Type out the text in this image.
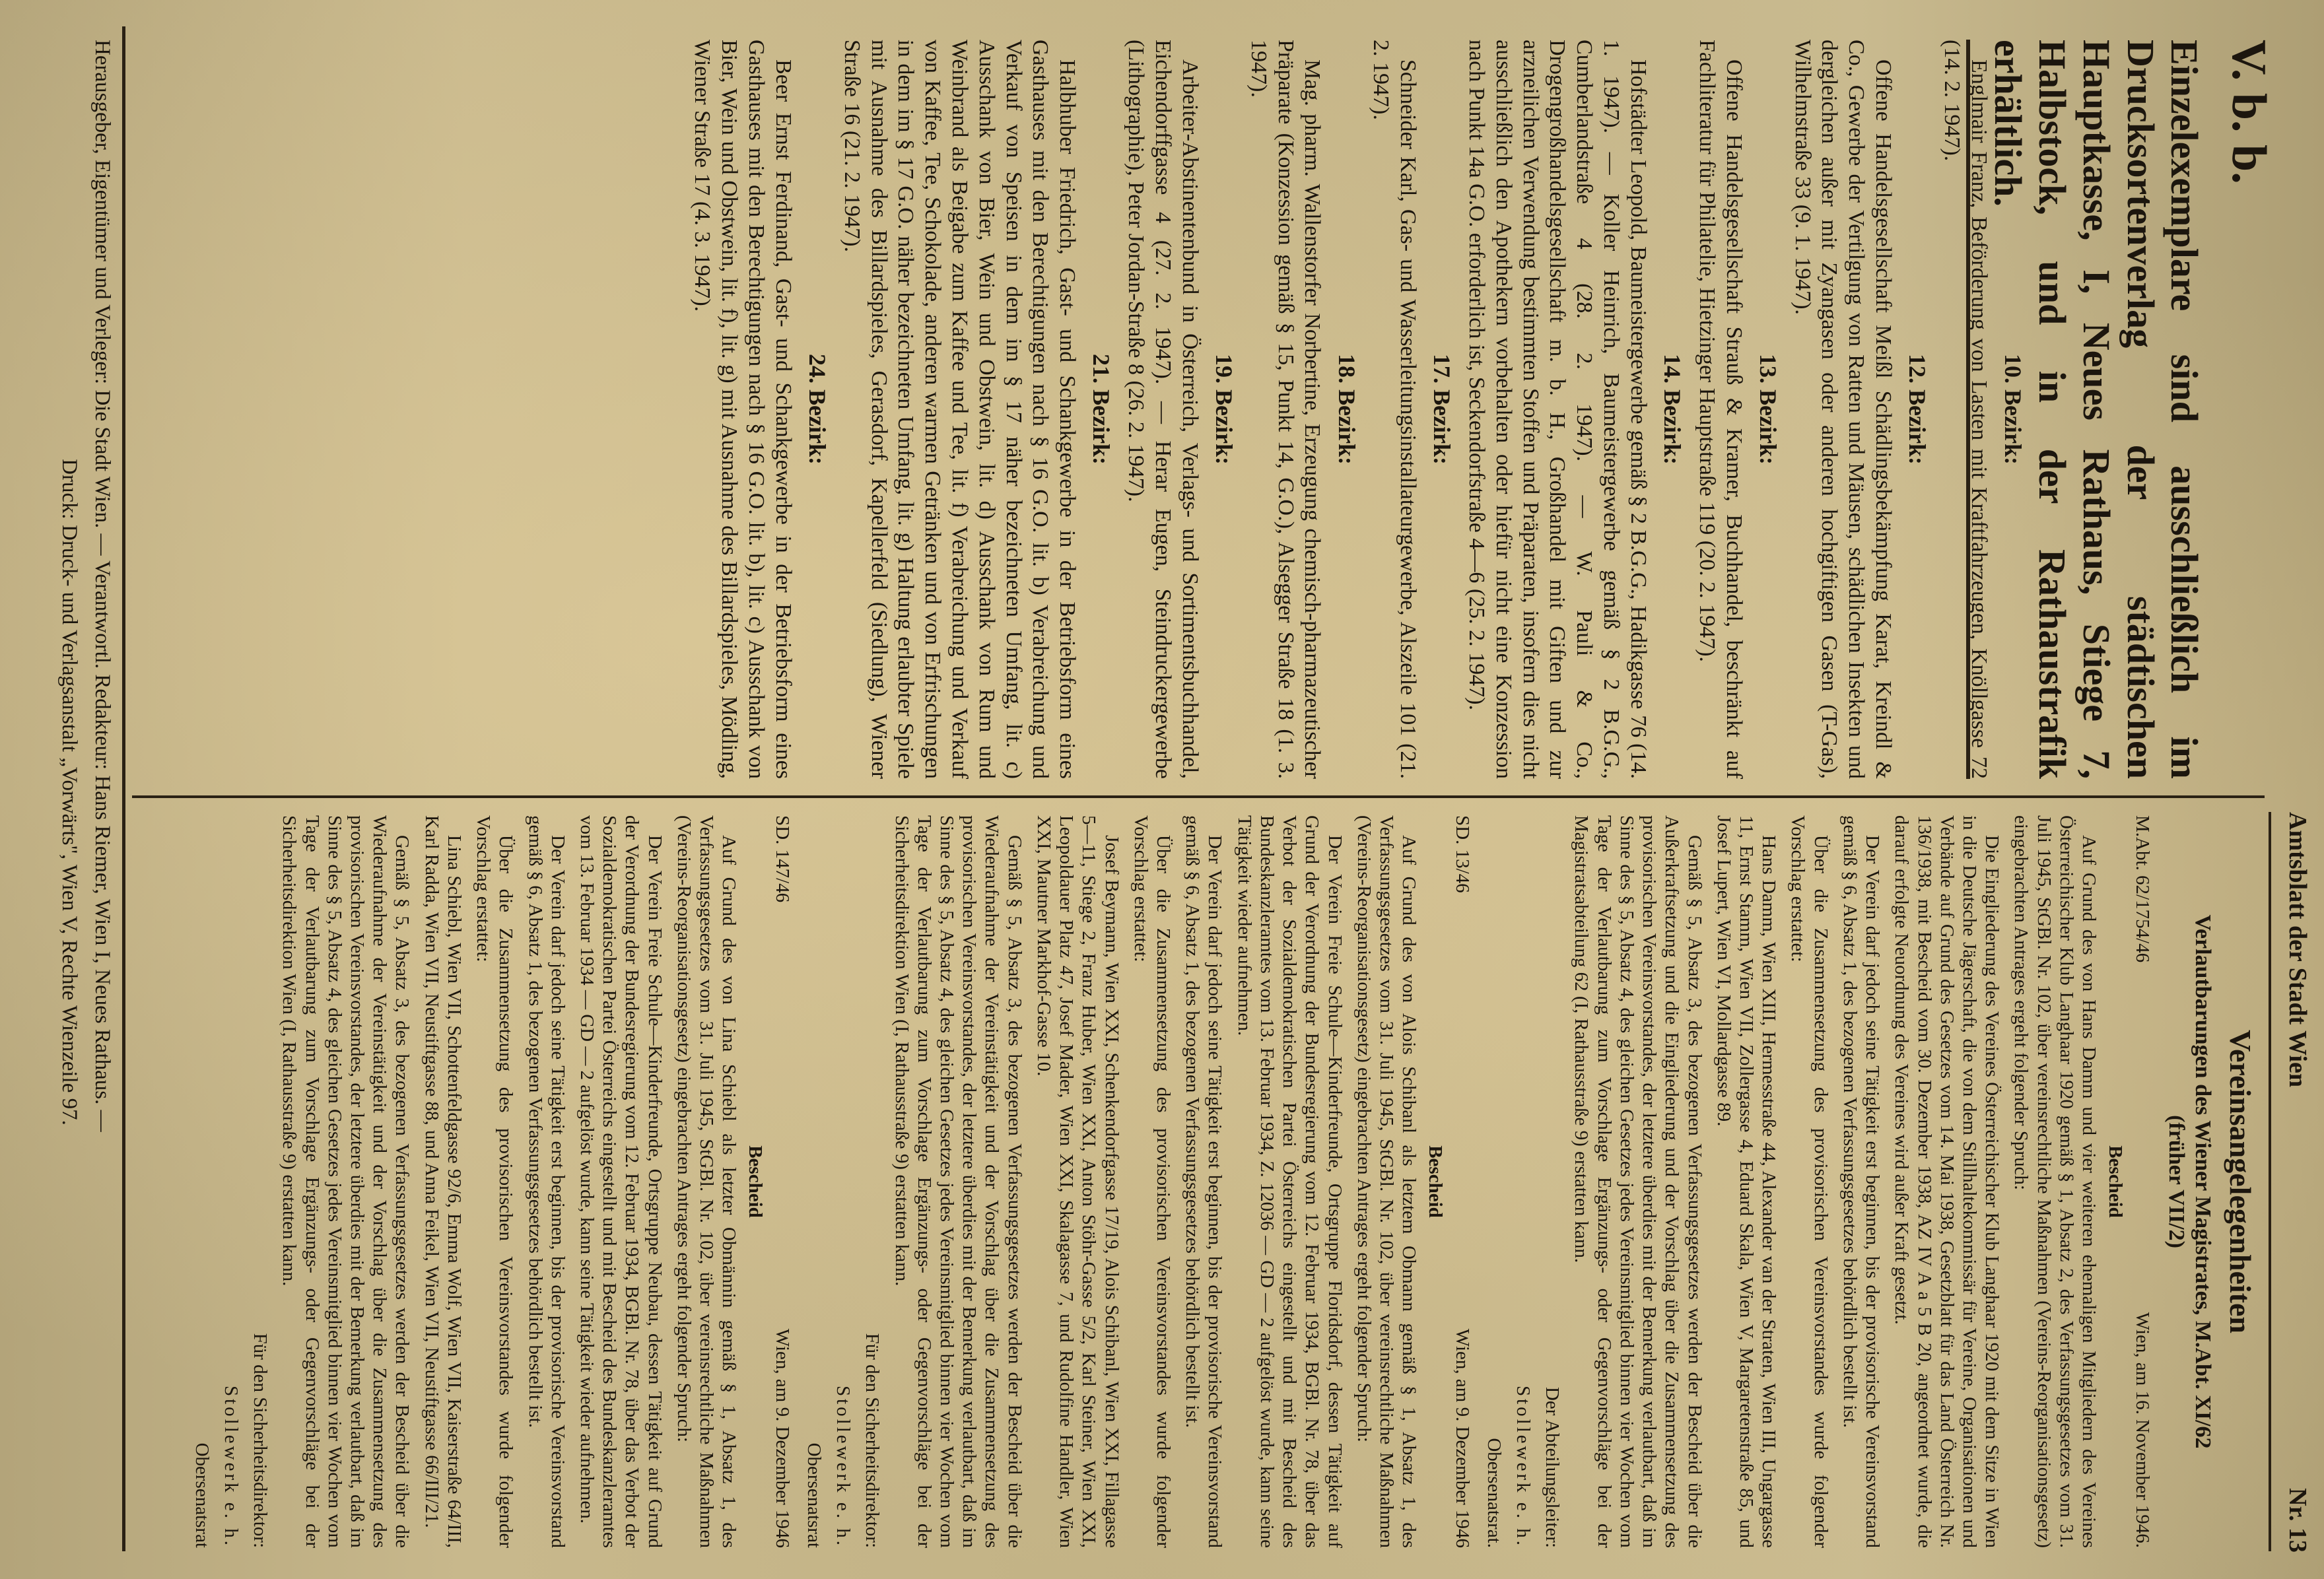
Amtsblatt der Stadt Wien
Nr. 13

10. Bezirk:

Englmair Franz, Beförderung von Lasten mit Kraftfahrzeugen, Knöllgasse 72 (14. 2. 1947).

12. Bezirk:

Offene Handelsgesellschaft Meißl Schädlingsbekämpfung Karat, Kreindl & Co., Gewerbe der Vertilgung von Ratten und Mäusen, schädlichen Insekten und dergleichen außer mit Zyangasen oder anderen hochgiftigen Gasen (T-Gas), Wilhelmstraße 33 (9. 1. 1947).

13. Bezirk:

Offene Handelsgesellschaft Strauß & Kramer, Buchhandel, beschränkt auf Fachliteratur für Philatelie, Hietzinger Hauptstraße 119 (20. 2. 1947).

14. Bezirk:

Hofstädter Leopold, Baumeistergewerbe gemäß § 2 B.G.G., Hadikgasse 76 (14. 1. 1947). — Koller Heinrich, Baumeistergewerbe gemäß § 2 B.G.G., Cumberlandstraße 4 (28. 2. 1947). — W. Pauli & Co., Drogengroßhandelsgesellschaft m. b. H., Großhandel mit Giften und zur arzneilichen Verwendung bestimmten Stoffen und Präparaten, insofern dies nicht ausschließlich den Apothekern vorbehalten oder hiefür nicht eine Konzession nach Punkt 14a G.O. erforderlich ist, Seckendorfstraße 4—6 (25. 2. 1947).

17. Bezirk:

Schneider Karl, Gas- und Wasserleitungsinstallateurgewerbe, Alszeile 101 (21. 2. 1947).

18. Bezirk:

Mag. pharm. Wallenstorfer Norbertine, Erzeugung chemisch-pharmazeutischer Präparate (Konzession gemäß § 15, Punkt 14, G.O.), Alsegger Straße 18 (1. 3. 1947).

19. Bezirk:

Arbeiter-Abstinentenbund in Österreich, Verlags- und Sortimentsbuchhandel, Eichendorffgasse 4 (27. 2. 1947). — Herar Eugen, Steindruckergewerbe (Lithographie), Peter Jordan-Straße 8 (26. 2. 1947).

21. Bezirk:

Halbhuber Friedrich, Gast- und Schankgewerbe in der Betriebsform eines Gasthauses mit den Berechtigungen nach § 16 G.O. lit. b) Verabreichung und Verkauf von Speisen in dem im § 17 näher bezeichneten Umfang, lit. c) Ausschank von Bier, Wein und Obstwein, lit. d) Ausschank von Rum und Weinbrand als Beigabe zum Kaffee und Tee, lit. f) Verabreichung und Verkauf von Kaffee, Tee, Schokolade, anderen warmen Getränken und von Erfrischungen in dem im § 17 G.O. näher bezeichneten Umfang, lit. g) Haltung erlaubter Spiele mit Ausnahme des Billardspieles, Gerasdorf, Kapellerfeld (Siedlung), Wiener Straße 16 (21. 2. 1947).

24. Bezirk:

Beer Ernst Ferdinand, Gast- und Schankgewerbe in der Betriebsform eines Gasthauses mit den Berechtigungen nach § 16 G.O. lit. b), lit. c) Ausschank von Bier, Wein und Obstwein, lit. f), lit. g) mit Ausnahme des Billardspieles, Mödling, Wiener Straße 17 (4. 3. 1947).	V. b. b.

Einzelexemplare sind ausschließlich im Drucksortenverlag der städtischen Hauptkasse, I, Neues Rathaus, Stiege 7, Halbstock, und in der Rathaustrafik erhältlich.

Vereinsangelegenheiten

Verlautbarungen des Wiener Magistrates, M.Abt. XI/62

(früher VII/2)

M.Abt. 62/1754/46
Wien, am 16. November 1946.

Bescheid

Auf Grund des von Hans Damm und vier weiteren ehemaligen Mitgliedern des Vereines Österreichischer Klub Langhaar 1920 gemäß § 1, Absatz 2, des Verfassungsgesetzes vom 31. Juli 1945, StGBl. Nr. 102, über vereinsrechtliche Maßnahmen (Vereins-Reorganisationsgesetz) eingebrachten Antrages ergeht folgender Spruch:

Die Eingliederung des Vereines Österreichischer Klub Langhaar 1920 mit dem Sitze in Wien in die Deutsche Jägerschaft, die von dem Stillhaltekommissär für Vereine, Organisationen und Verbände auf Grund des Gesetzes vom 14. Mai 1938, Gesetzblatt für das Land Österreich Nr. 136/1938, mit Bescheid vom 30. Dezember 1938, AZ IV A a 5 B 20, angeordnet wurde, die darauf erfolgte Neuordnung des Vereines wird außer Kraft gesetzt.

Der Verein darf jedoch seine Tätigkeit erst beginnen, bis der provisorische Vereinsvorstand gemäß § 6, Absatz 1, des bezogenen Verfassungsgesetzes behördlich bestellt ist.

Über die Zusammensetzung des provisorischen Vereinsvorstandes wurde folgender Vorschlag erstattet:

Hans Damm, Wien XIII, Hermesstraße 44, Alexander van der Straten, Wien III, Ungargasse 11, Ernst Stamm, Wien VII, Zollergasse 4, Eduard Skala, Wien V, Margaretenstraße 85, und Josef Lupert, Wien VI, Mollardgasse 89.

Gemäß § 5, Absatz 3, des bezogenen Verfassungsgesetzes werden der Bescheid über die Außerkraftsetzung und die Eingliederung und der Vorschlag über die Zusammensetzung des provisorischen Vereinsvorstandes, der letztere überdies mit der Bemerkung verlautbart, daß im Sinne des § 5, Absatz 4, des gleichen Gesetzes jedes Vereinsmitglied binnen vier Wochen vom Tage der Verlautbarung zum Vorschlage Ergänzungs- oder Gegenvorschläge bei der Magistratsabteilung 62 (I, Rathausstraße 9) erstatten kann.

Der Abteilungsleiter:

Stollewerk e. h.

Obersenatsrat.

SD. 13/46
Wien, am 9. Dezember 1946

Bescheid

Auf Grund des von Alois Schibanl als letztem Obmann gemäß § 1, Absatz 1, des Verfassungsgesetzes vom 31. Juli 1945, StGBl. Nr. 102, über vereinsrechtliche Maßnahmen (Vereins-Reorganisationsgesetz) eingebrachten Antrages ergeht folgender Spruch:

Der Verein Freie Schule—Kinderfreunde, Ortsgruppe Floridsdorf, dessen Tätigkeit auf Grund der Verordnung der Bundesregierung vom 12. Februar 1934, BGBl. Nr. 78, über das Verbot der Sozialdemokratischen Partei Österreichs eingestellt und mit Bescheid des Bundeskanzleramtes vom 13. Februar 1934, Z. 12036 — GD — 2 aufgelöst wurde, kann seine Tätigkeit wieder aufnehmen.

Der Verein darf jedoch seine Tätigkeit erst beginnen, bis der provisorische Vereinsvorstand gemäß § 6, Absatz 1, des bezogenen Verfassungsgesetzes behördlich bestellt ist.

Über die Zusammensetzung des provisorischen Vereinsvorstandes wurde folgender Vorschlag erstattet:

Josef Beymann, Wien XXI, Schenkendorfgasse 17/19, Alois Schibanl, Wien XXI, Fillagasse 5—11, Stiege 2, Franz Huber, Wien XXI, Anton Stöhr-Gasse 5/2, Karl Steiner, Wien XXI, Leopoldauer Platz 47, Josef Mader, Wien XXI, Skalagasse 7, und Rudolfine Handler, Wien XXI, Mautner Markhof-Gasse 10.

Gemäß § 5, Absatz 3, des bezogenen Verfassungsgesetzes werden der Bescheid über die Wiederaufnahme der Vereinstätigkeit und der Vorschlag über die Zusammensetzung des provisorischen Vereinsvorstandes, der letztere überdies mit der Bemerkung verlautbart, daß im Sinne des § 5, Absatz 4, des gleichen Gesetzes jedes Vereinsmitglied binnen vier Wochen vom Tage der Verlautbarung zum Vorschlage Ergänzungs- oder Gegenvorschläge bei der Sicherheitsdirektion Wien (I, Rathausstraße 9) erstatten kann.

Für den Sicherheitsdirektor:

Stollewerk e. h.

Obersenatsrat

SD. 147/46
Wien, am 9. Dezember 1946

Bescheid

Auf Grund des von Lina Schiebl als letzter Obmännin gemäß § 1, Absatz 1, des Verfassungsgesetzes vom 31. Juli 1945, StGBl. Nr. 102, über vereinsrechtliche Maßnahmen (Vereins-Reorganisationsgesetz) eingebrachten Antrages ergeht folgender Spruch:

Der Verein Freie Schule—Kinderfreunde, Ortsgruppe Neubau, dessen Tätigkeit auf Grund der Verordnung der Bundesregierung vom 12. Februar 1934, BGBl. Nr. 78, über das Verbot der Sozialdemokratischen Partei Österreichs eingestellt und mit Bescheid des Bundeskanzleramtes vom 13. Februar 1934 — GD — 2 aufgelöst wurde, kann seine Tätigkeit wieder aufnehmen.

Der Verein darf jedoch seine Tätigkeit erst beginnen, bis der provisorische Vereinsvorstand gemäß § 6, Absatz 1, des bezogenen Verfassungsgesetzes behördlich bestellt ist.

Über die Zusammensetzung des provisorischen Vereinsvorstandes wurde folgender Vorschlag erstattet:

Lina Schiebl, Wien VII, Schottenfeldgasse 92/6, Emma Wolf, Wien VII, Kaiserstraße 64/III, Karl Radda, Wien VII, Neustiftgasse 88, und Anna Feikel, Wien VII, Neustiftgasse 66/III/21.

Gemäß § 5, Absatz 3, des bezogenen Verfassungsgesetzes werden der Bescheid über die Wiederaufnahme der Vereinstätigkeit und der Vorschlag über die Zusammensetzung des provisorischen Vereinsvorstandes, der letztere überdies mit der Bemerkung verlautbart, daß im Sinne des § 5, Absatz 4, des gleichen Gesetzes jedes Vereinsmitglied binnen vier Wochen vom Tage der Verlautbarung zum Vorschlage Ergänzungs- oder Gegenvorschläge bei der Sicherheitsdirektion Wien (I, Rathausstraße 9) erstatten kann.

Für den Sicherheitsdirektor:

Stollewerk e. h.

Obersenatsrat

Herausgeber, Eigentümer und Verleger: Die Stadt Wien. — Verantwortl. Redakteur: Hans Riemer, Wien I, Neues Rathaus. —

Druck: Druck- und Verlagsanstalt „Vorwärts", Wien V, Rechte Wienzeile 97.
